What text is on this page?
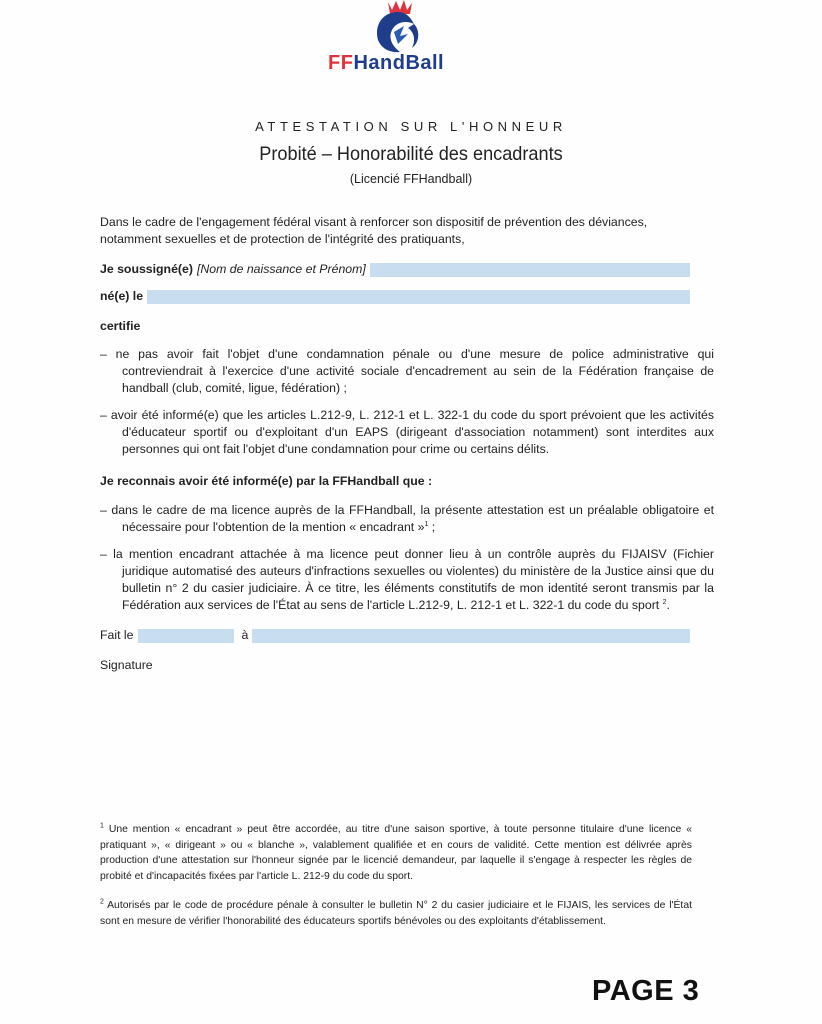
FFHandBall
ATTESTATION SUR L'HONNEUR
Probité – Honorabilité des encadrants
(Licencié FFHandball)
Dans le cadre de l'engagement fédéral visant à renforcer son dispositif de prévention des déviances, notamment sexuelles et de protection de l'intégrité des pratiquants,
Je soussigné(e) [Nom de naissance et Prénom]
né(e) le
certifie
– ne pas avoir fait l'objet d'une condamnation pénale ou d'une mesure de police administrative qui contreviendrait à l'exercice d'une activité sociale d'encadrement au sein de la Fédération française de handball (club, comité, ligue, fédération) ;
– avoir été informé(e) que les articles L.212-9, L. 212-1 et L. 322-1 du code du sport prévoient que les activités d'éducateur sportif ou d'exploitant d'un EAPS (dirigeant d'association notamment) sont interdites aux personnes qui ont fait l'objet d'une condamnation pour crime ou certains délits.
Je reconnais avoir été informé(e) par la FFHandball que :
– dans le cadre de ma licence auprès de la FFHandball, la présente attestation est un préalable obligatoire et nécessaire pour l'obtention de la mention « encadrant »$^1$ ;
– la mention encadrant attachée à ma licence peut donner lieu à un contrôle auprès du FIJAISV (Fichier juridique automatisé des auteurs d'infractions sexuelles ou violentes) du ministère de la Justice ainsi que du bulletin n° 2 du casier judiciaire. À ce titre, les éléments constitutifs de mon identité seront transmis par la Fédération aux services de l'État au sens de l'article L.212-9, L. 212-1 et L. 322-1 du code du sport $^2$.
Fait le	à
Signature
$^1$ Une mention « encadrant » peut être accordée, au titre d'une saison sportive, à toute personne titulaire d'une licence « pratiquant », « dirigeant » ou « blanche », valablement qualifiée et en cours de validité. Cette mention est délivrée après production d'une attestation sur l'honneur signée par le licencié demandeur, par laquelle il s'engage à respecter les règles de probité et d'incapacités fixées par l'article L. 212-9 du code du sport.
$^2$ Autorisés par le code de procédure pénale à consulter le bulletin N° 2 du casier judiciaire et le FIJAIS, les services de l'État sont en mesure de vérifier l'honorabilité des éducateurs sportifs bénévoles ou des exploitants d'établissement.
PAGE 3
